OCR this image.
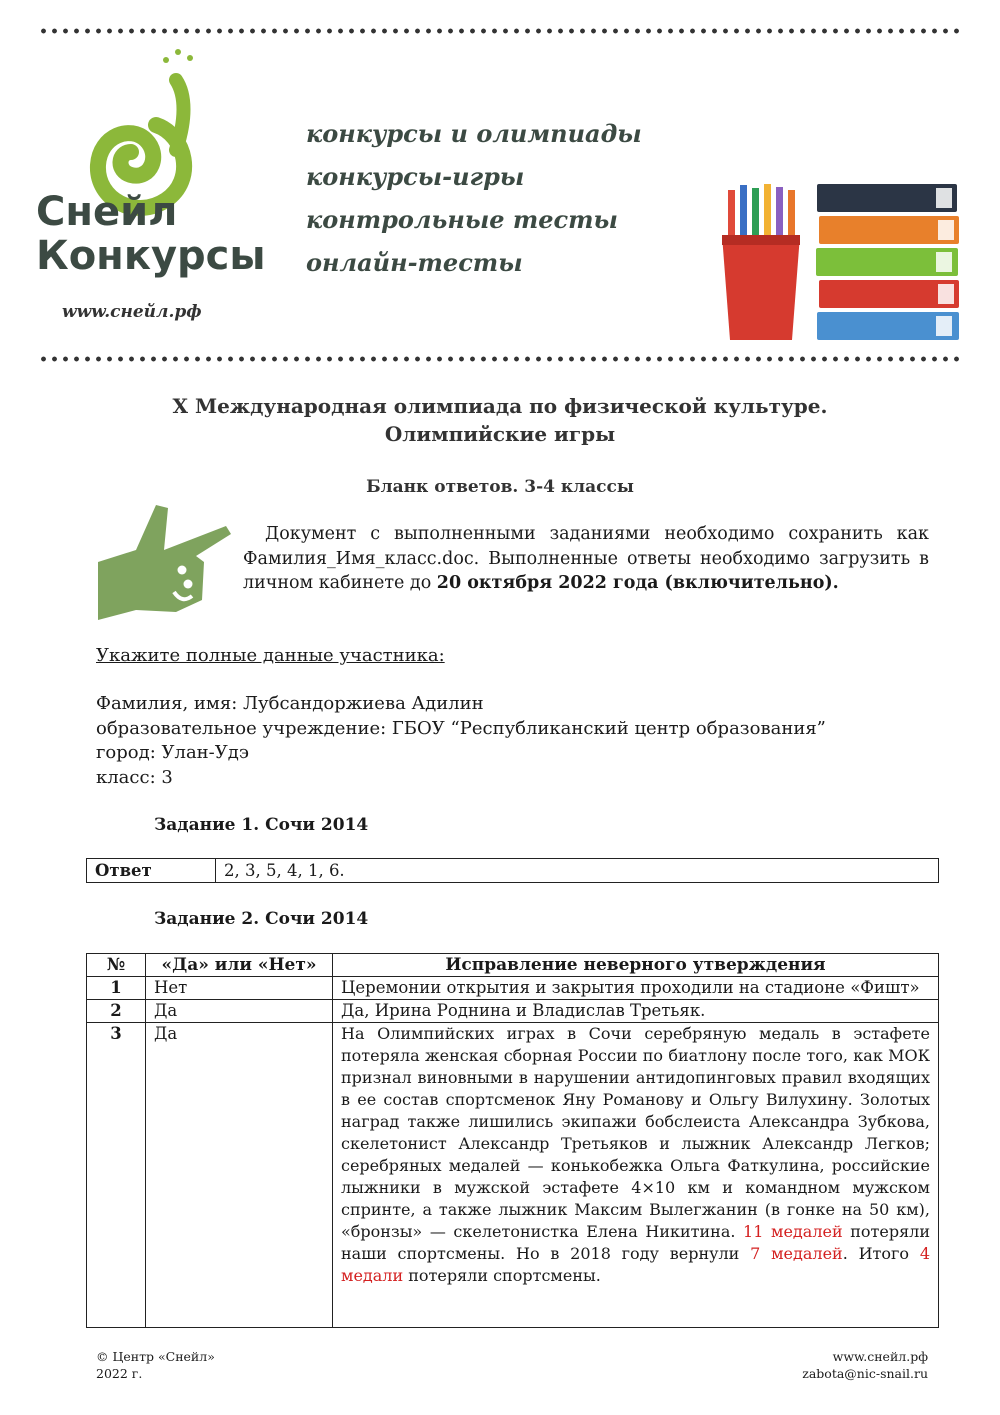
Снейл
Конкурсы
www.снейл.рф
конкурсы и олимпиады
конкурсы-игры
контрольные тесты
онлайн-тесты

X Международная олимпиада по физической культуре.

Олимпийские игры

Бланк ответов. 3-4 классы

Документ с выполненными заданиями необходимо сохранить как Фамилия_Имя_класс.doc. Выполненные ответы необходимо загрузить в личном кабинете до 20 октября 2022 года (включительно).

Укажите полные данные участника:

Фамилия, имя: Лубсандоржиева Адилин
образовательное учреждение: ГБОУ “Республиканский центр образования”
город: Улан-Удэ
класс: 3

Задание 1. Сочи 2014

Ответ	2, 3, 5, 4, 1, 6.

Задание 2. Сочи 2014

№	«Да» или «Нет»	Исправление неверного утверждения
1	Нет	Церемонии открытия и закрытия проходили на стадионе «Фишт»
2	Да	Да, Ирина Роднина и Владислав Третьяк.
3	Да	На Олимпийских играх в Сочи серебряную медаль в эстафете потеряла женская сборная России по биатлону после того, как МОК признал виновными в нарушении антидопинговых правил входящих в ее состав спортсменок Яну Романову и Ольгу Вилухину. Золотых наград также лишились экипажи бобслеиста Александра Зубкова, скелетонист Александр Третьяков и лыжник Александр Легков; серебряных медалей — конькобежка Ольга Фаткулина, российские лыжники в мужской эстафете 4×10 км и командном мужском спринте, а также лыжник Максим Вылегжанин (в гонке на 50 км), «бронзы» — скелетонистка Елена Никитина. 11 медалей потеряли наши спортсмены. Но в 2018 году вернули 7 медалей. Итого 4 медали потеряли спортсмены.
© Центр «Снейл»
2022 г.
www.снейл.рф
zabota@nic-snail.ru
